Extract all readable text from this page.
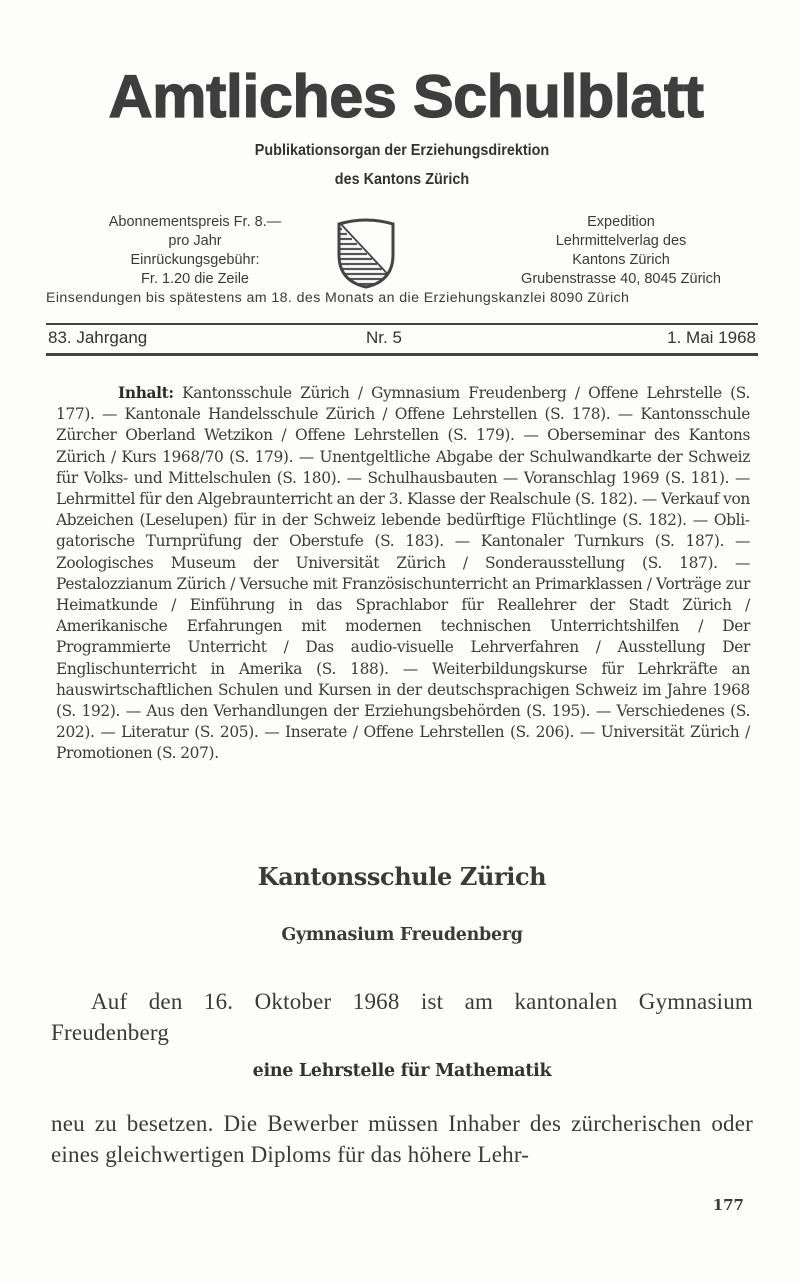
Amtliches Schulblatt
Publikationsorgan der Erziehungsdirektion
des Kantons Zürich
Abonnementspreis Fr. 8.—
pro Jahr
Einrückungsgebühr:
Fr. 1.20 die Zeile
Expedition
Lehrmittelverlag des
Kantons Zürich
Grubenstrasse 40, 8045 Zürich
Einsendungen bis spätestens am 18. des Monats an die Erziehungskanzlei 8090 Zürich
83. Jahrgang	Nr. 5	1. Mai 1968
Inhalt: Kantonsschule Zürich / Gymnasium Freudenberg / Offene Lehrstelle (S. 177). — Kantonale Handelsschule Zürich / Offene Lehrstellen (S. 178). — Kantonsschule Zürcher Oberland Wetzikon / Offene Lehrstellen (S. 179). — Oberseminar des Kantons Zürich / Kurs 1968/70 (S. 179). — Unentgeltliche Abgabe der Schulwandkarte der Schweiz für Volks- und Mittelschulen (S. 180). — Schulhausbauten — Voranschlag 1969 (S. 181). — Lehrmittel für den Algebraunterricht an der 3. Klasse der Realschule (S. 182). — Verkauf von Abzeichen (Leselupen) für in der Schweiz lebende bedürftige Flüchtlinge (S. 182). — Obligatorische Turnprüfung der Oberstufe (S. 183). — Kantonaler Turnkurs (S. 187). — Zoologisches Museum der Universität Zürich / Sonderausstellung (S. 187). — Pestalozzianum Zürich / Versuche mit Französischunterricht an Primarklassen / Vorträge zur Heimatkunde / Einführung in das Sprachlabor für Reallehrer der Stadt Zürich / Amerikanische Erfahrungen mit modernen technischen Unterrichtshilfen / Der Programmierte Unterricht / Das audio-visuelle Lehrverfahren / Ausstellung Der Englischunterricht in Amerika (S. 188). — Weiterbildungskurse für Lehrkräfte an hauswirtschaftlichen Schulen und Kursen in der deutschsprachigen Schweiz im Jahre 1968 (S. 192). — Aus den Verhandlungen der Erziehungsbehörden (S. 195). — Verschiedenes (S. 202). — Literatur (S. 205). — Inserate / Offene Lehrstellen (S. 206). — Universität Zürich / Promotionen (S. 207).
Kantonsschule Zürich
Gymnasium Freudenberg
Auf den 16. Oktober 1968 ist am kantonalen Gymnasium Freudenberg
eine Lehrstelle für Mathematik
neu zu besetzen. Die Bewerber müssen Inhaber des zürcherischen oder eines gleichwertigen Diploms für das höhere Lehr-
177
